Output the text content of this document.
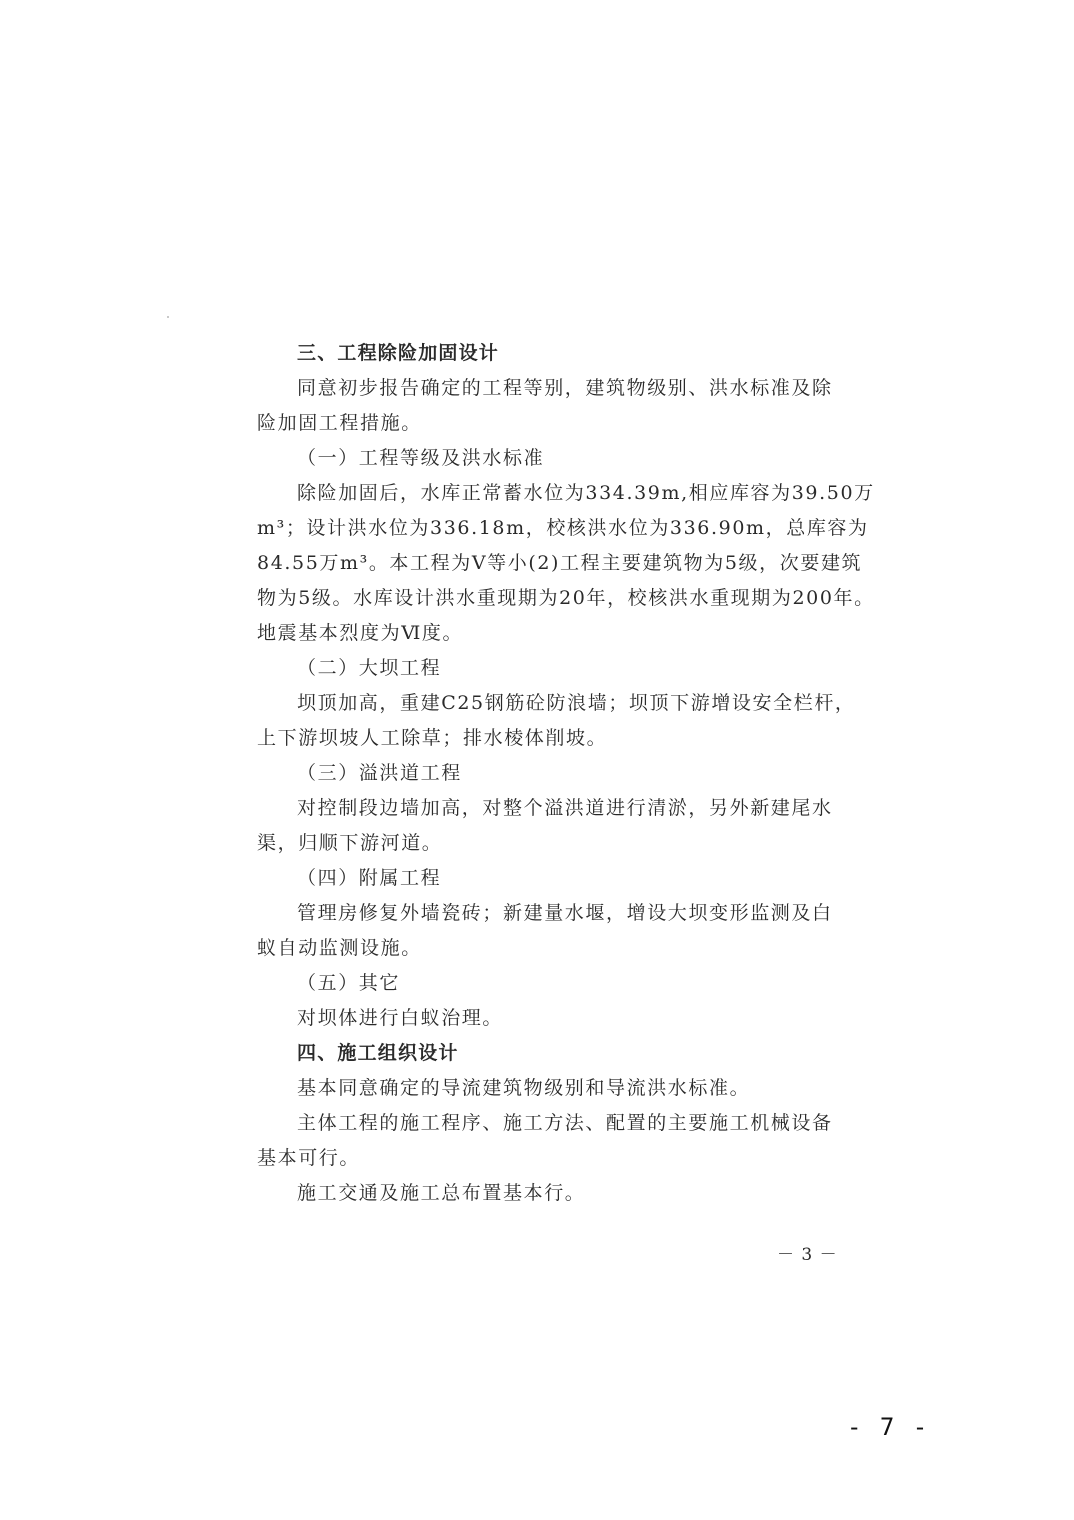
三、工程除险加固设计
同意初步报告确定的工程等别，建筑物级别、洪水标准及除
险加固工程措施。
（一）工程等级及洪水标准
除险加固后，水库正常蓄水位为334.39m,相应库容为39.50万
m³；设计洪水位为336.18m，校核洪水位为336.90m，总库容为
84.55万m³。本工程为Ⅴ等小(2)工程主要建筑物为5级，次要建筑
物为5级。水库设计洪水重现期为20年，校核洪水重现期为200年。
地震基本烈度为Ⅵ度。
（二）大坝工程
坝顶加高，重建C25钢筋砼防浪墙；坝顶下游增设安全栏杆，
上下游坝坡人工除草；排水棱体削坡。
（三）溢洪道工程
对控制段边墙加高，对整个溢洪道进行清淤，另外新建尾水
渠，归顺下游河道。
（四）附属工程
管理房修复外墙瓷砖；新建量水堰，增设大坝变形监测及白
蚁自动监测设施。
（五）其它
对坝体进行白蚁治理。
四、施工组织设计
基本同意确定的导流建筑物级别和导流洪水标准。
主体工程的施工程序、施工方法、配置的主要施工机械设备
基本可行。
施工交通及施工总布置基本行。
－ 3 －
- 7 -
